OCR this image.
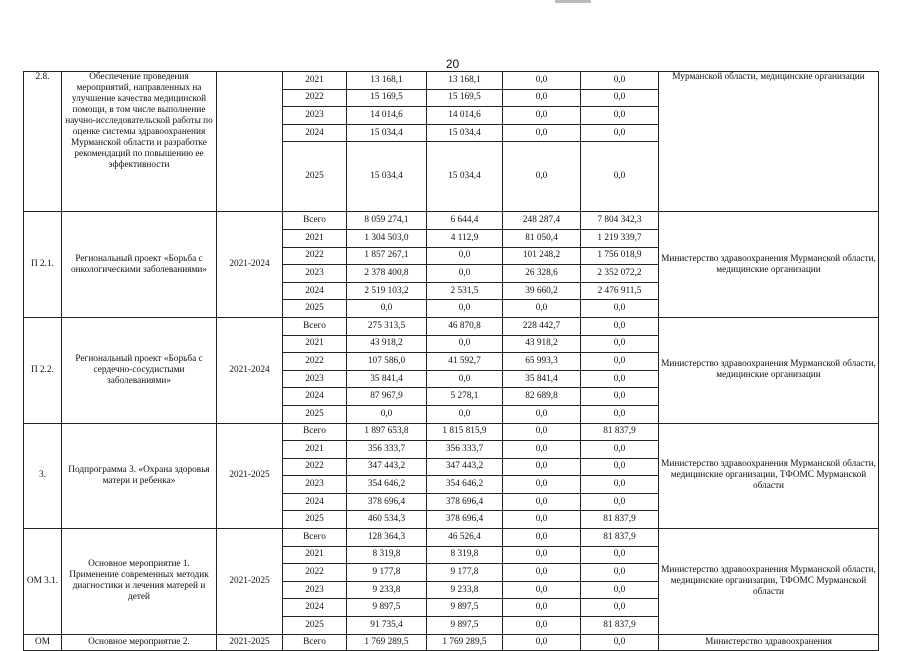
20
2.8.	Обеспечение проведения мероприятий, направленных на улучшение качества медицинской помощи, в том числе выполнение научно-исследовательской работы по оценке системы здравоохранения Мурманской области и разработке рекомендаций по повышению ее эффективности		2021	13 168,1	13 168,1	0,0	0,0	Мурманской области, медицинские организации
			2022	15 169,5	15 169,5	0,0	0,0	
			2023	14 014,6	14 014,6	0,0	0,0	
			2024	15 034,4	15 034,4	0,0	0,0	
			2025	15 034,4	15 034,4	0,0	0,0	
П 2.1.	Региональный проект «Борьба с онкологическими заболеваниями»	2021-2024	Всего	8 059 274,1	6 644,4	248 287,4	7 804 342,3	Министерство здравоохранения Мурманской области, медицинские организации
			2021	1 304 503,0	4 112,9	81 050,4	1 219 339,7	
			2022	1 857 267,1	0,0	101 248,2	1 756 018,9	
			2023	2 378 400,8	0,0	26 328,6	2 352 072,2	
			2024	2 519 103,2	2 531,5	39 660,2	2 476 911,5	
			2025	0,0	0,0	0,0	0,0	
П 2.2.	Региональный проект «Борьба с сердечно-сосудистыми заболеваниями»	2021-2024	Всего	275 313,5	46 870,8	228 442,7	0,0	Министерство здравоохранения Мурманской области, медицинские организации
			2021	43 918,2	0,0	43 918,2	0,0	
			2022	107 586,0	41 592,7	65 993,3	0,0	
			2023	35 841,4	0,0	35 841,4	0,0	
			2024	87 967,9	5 278,1	82 689,8	0,0	
			2025	0,0	0,0	0,0	0,0	
3.	Подпрограмма 3. «Охрана здоровья матери и ребенка»	2021-2025	Всего	1 897 653,8	1 815 815,9	0,0	81 837,9	Министерство здравоохранения Мурманской области, медицинские организации, ТФОМС Мурманской области
			2021	356 333,7	356 333,7	0,0	0,0	
			2022	347 443,2	347 443,2	0,0	0,0	
			2023	354 646,2	354 646,2	0,0	0,0	
			2024	378 696,4	378 696,4	0,0	0,0	
			2025	460 534,3	378 696,4	0,0	81 837,9	
ОМ 3.1.	Основное мероприятие 1. Применение современных методик диагностики и лечения матерей и детей	2021-2025	Всего	128 364,3	46 526,4	0,0	81 837,9	Министерство здравоохранения Мурманской области, медицинские организации, ТФОМС Мурманской области
			2021	8 319,8	8 319,8	0,0	0,0	
			2022	9 177,8	9 177,8	0,0	0,0	
			2023	9 233,8	9 233,8	0,0	0,0	
			2024	9 897,5	9 897,5	0,0	0,0	
			2025	91 735,4	9 897,5	0,0	81 837,9	
ОМ	Основное мероприятие 2.	2021-2025	Всего	1 769 289,5	1 769 289,5	0,0	0,0	Министерство здравоохранения
